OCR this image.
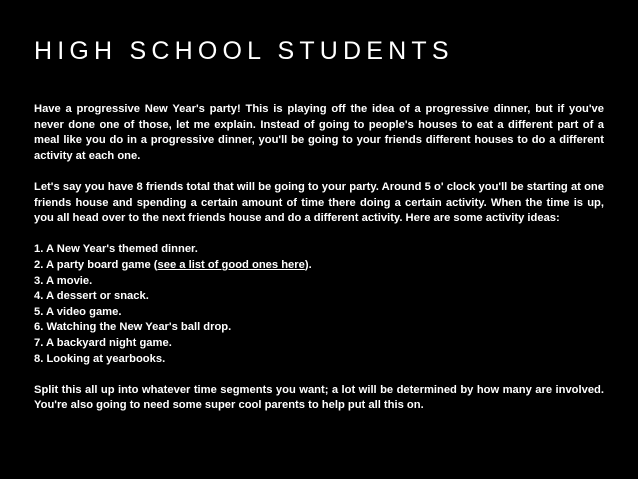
HIGH SCHOOL STUDENTS

Have a progressive New Year's party! This is playing off the idea of a progressive dinner, but if you've never done one of those, let me explain. Instead of going to people's houses to eat a different part of a meal like you do in a progressive dinner, you'll be going to your friends different houses to do a different activity at each one.

Let's say you have 8 friends total that will be going to your party. Around 5 o' clock you'll be starting at one friends house and spending a certain amount of time there doing a certain activity. When the time is up, you all head over to the next friends house and do a different activity. Here are some activity ideas:

1. A New Year's themed dinner.
2. A party board game (see a list of good ones here).
3. A movie.
4. A dessert or snack.
5. A video game.
6. Watching the New Year's ball drop.
7. A backyard night game.
8. Looking at yearbooks.

Split this all up into whatever time segments you want; a lot will be determined by how many are involved. You're also going to need some super cool parents to help put all this on.
